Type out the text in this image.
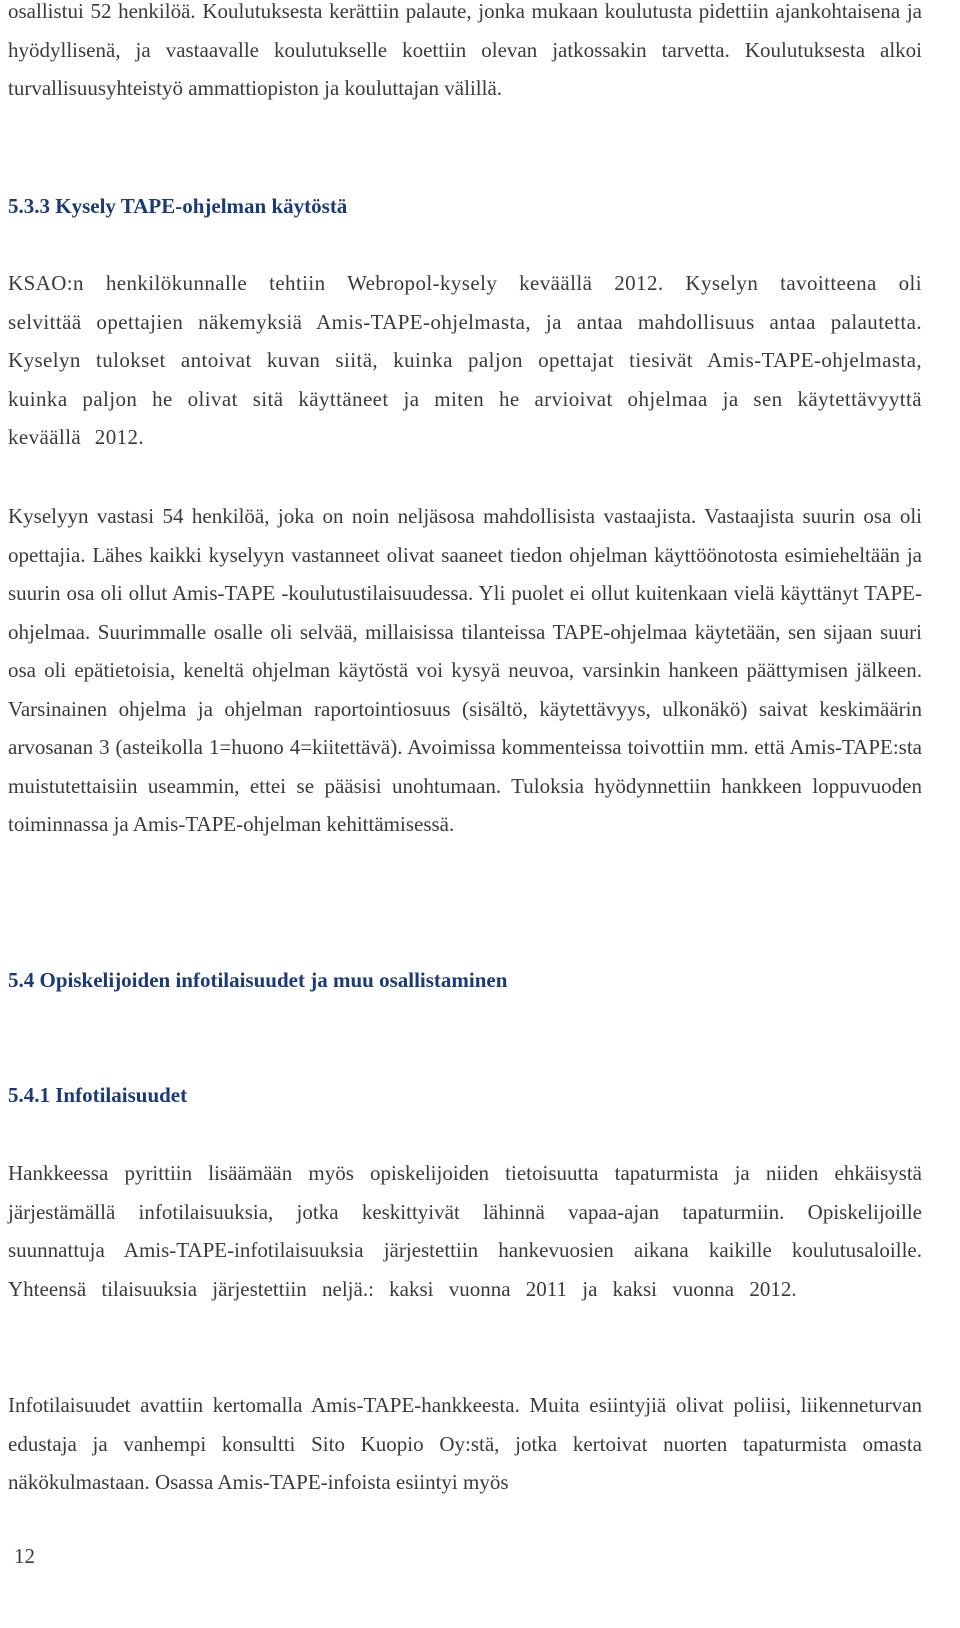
osallistui 52 henkilöä. Koulutuksesta kerättiin palaute, jonka mukaan koulutusta pidettiin ajankohtaisena ja hyödyllisenä, ja vastaavalle koulutukselle koettiin olevan jatkossakin tarvetta. Koulutuksesta alkoi turvallisuusyhteistyö ammattiopiston ja kouluttajan välillä.

5.3.3 Kysely TAPE-ohjelman käytöstä

KSAO:n henkilökunnalle tehtiin Webropol-kysely keväällä 2012. Kyselyn tavoitteena oli selvittää opettajien näkemyksiä Amis-TAPE-ohjelmasta, ja antaa mahdollisuus antaa palautetta. Kyselyn tulokset antoivat kuvan siitä, kuinka paljon opettajat tiesivät Amis-TAPE-ohjelmasta, kuinka paljon he olivat sitä käyttäneet ja miten he arvioivat ohjelmaa ja sen käytettävyyttä keväällä 2012.

Kyselyyn vastasi 54 henkilöä, joka on noin neljäsosa mahdollisista vastaajista. Vastaajista suurin osa oli opettajia. Lähes kaikki kyselyyn vastanneet olivat saaneet tiedon ohjelman käyttöönotosta esimieheltään ja suurin osa oli ollut Amis-TAPE -koulutustilaisuudessa. Yli puolet ei ollut kuitenkaan vielä käyttänyt TAPE-ohjelmaa. Suurimmalle osalle oli selvää, millaisissa tilanteissa TAPE-ohjelmaa käytetään, sen sijaan suuri osa oli epätietoisia, keneltä ohjelman käytöstä voi kysyä neuvoa, varsinkin hankeen päättymisen jälkeen. Varsinainen ohjelma ja ohjelman raportointiosuus (sisältö, käytettävyys, ulkonäkö) saivat keskimäärin arvosanan 3 (asteikolla 1=huono 4=kiitettävä). Avoimissa kommenteissa toivottiin mm. että Amis-TAPE:sta muistutettaisiin useammin, ettei se pääsisi unohtumaan. Tuloksia hyödynnettiin hankkeen loppuvuoden toiminnassa ja Amis-TAPE-ohjelman kehittämisessä.

5.4 Opiskelijoiden infotilaisuudet ja muu osallistaminen
5.4.1 Infotilaisuudet

Hankkeessa pyrittiin lisäämään myös opiskelijoiden tietoisuutta tapaturmista ja niiden ehkäisystä järjestämällä infotilaisuuksia, jotka keskittyivät lähinnä vapaa-ajan tapaturmiin. Opiskelijoille suunnattuja Amis-TAPE-infotilaisuuksia järjestettiin hankevuosien aikana kaikille koulutusaloille. Yhteensä tilaisuuksia järjestettiin neljä.: kaksi vuonna 2011 ja kaksi vuonna 2012.

Infotilaisuudet avattiin kertomalla Amis-TAPE-hankkeesta. Muita esiintyjiä olivat poliisi, liikenneturvan edustaja ja vanhempi konsultti Sito Kuopio Oy:stä, jotka kertoivat nuorten tapaturmista omasta näkökulmastaan. Osassa Amis-TAPE-infoista esiintyi myös

12
